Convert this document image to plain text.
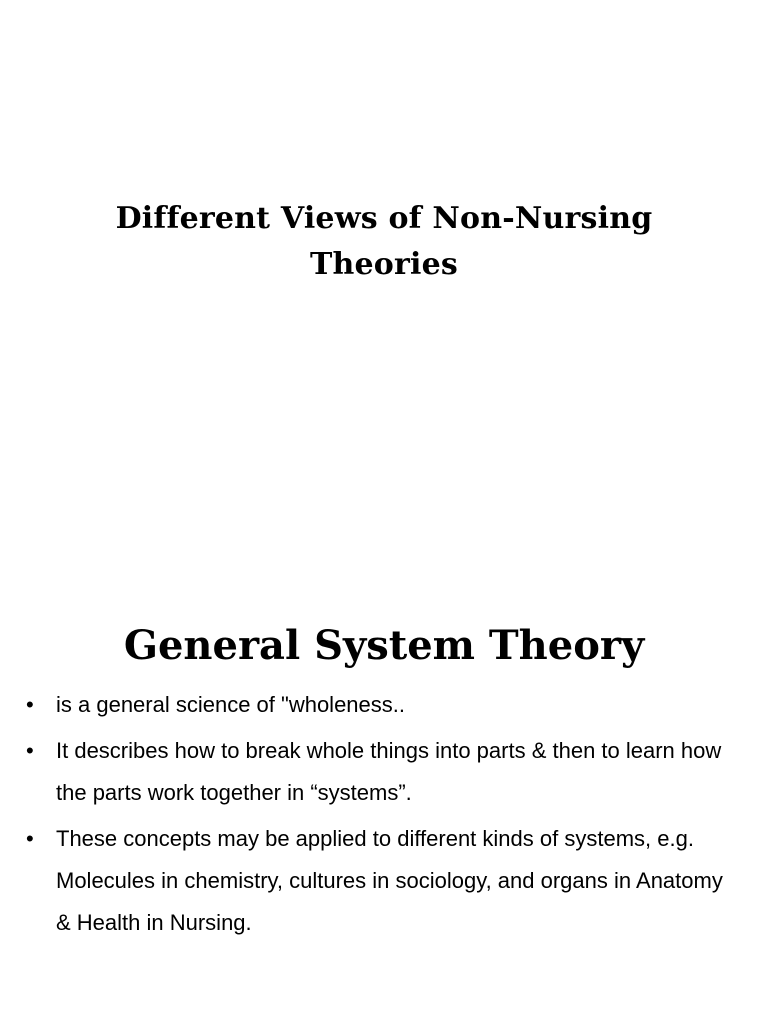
Different Views of Non-Nursing
Theories
General System Theory
• is a general science of "wholeness..
• It describes how to break whole things into parts & then to learn how the parts work together in “systems”.
• These concepts may be applied to different kinds of systems, e.g. Molecules in chemistry, cultures in sociology, and organs in Anatomy & Health in Nursing.
